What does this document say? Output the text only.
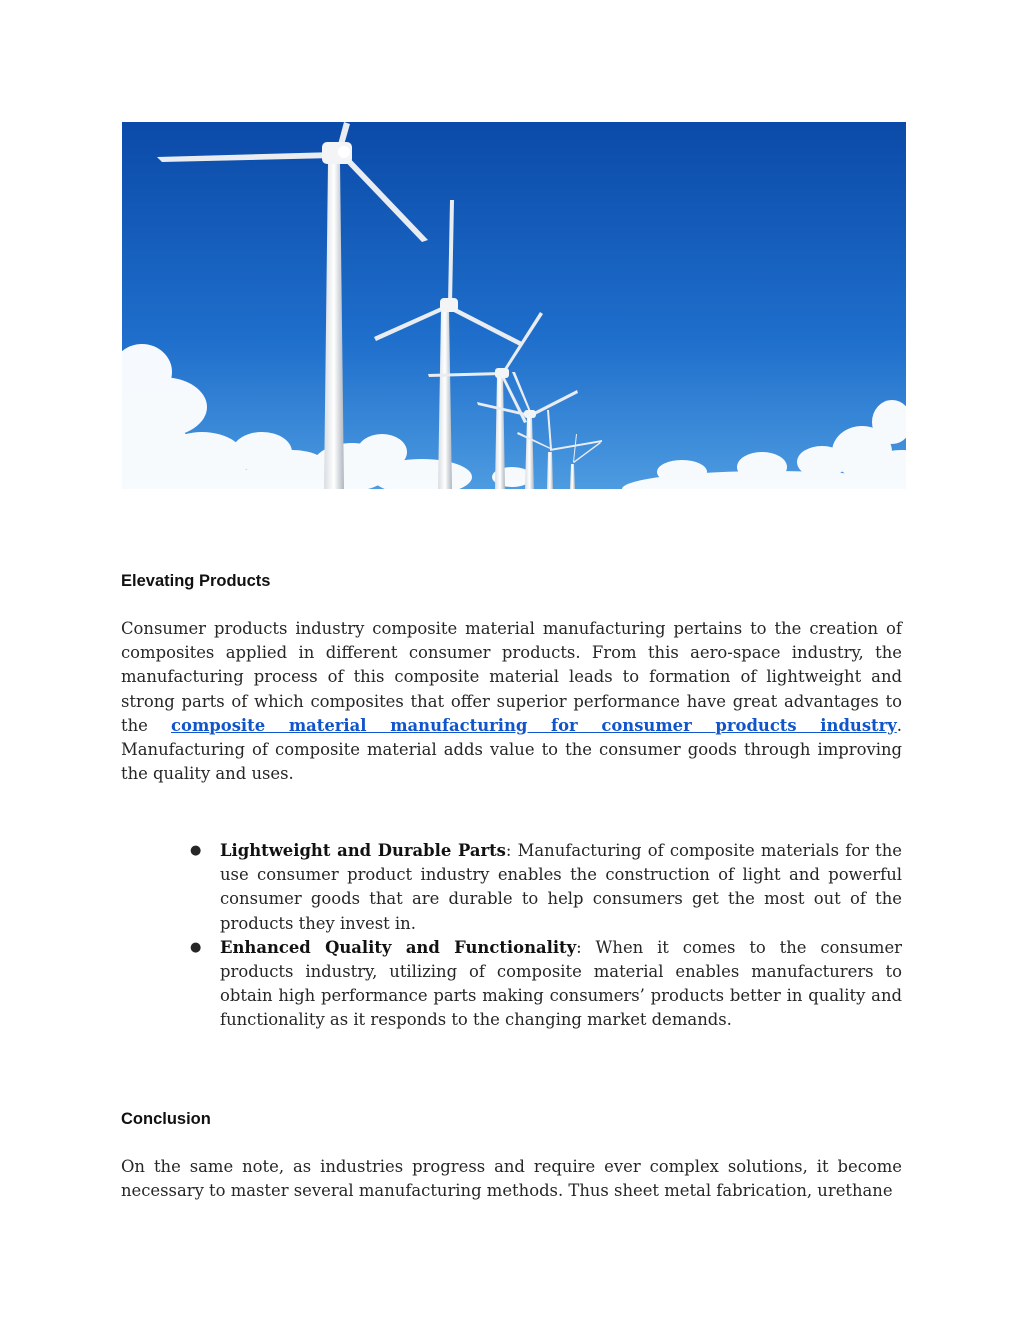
Elevating Products

Consumer products industry composite material manufacturing pertains to the creation of composites applied in different consumer products. From this aero-space industry, the manufacturing process of this composite material leads to formation of lightweight and strong parts of which composites that offer superior performance have great advantages to the composite material manufacturing for consumer products industry. Manufacturing of composite material adds value to the consumer goods through improving the quality and uses.

● Lightweight and Durable Parts: Manufacturing of composite materials for the use consumer product industry enables the construction of light and powerful consumer goods that are durable to help consumers get the most out of the products they invest in.
● Enhanced Quality and Functionality: When it comes to the consumer products industry, utilizing of composite material enables manufacturers to obtain high performance parts making consumers’ products better in quality and functionality as it responds to the changing market demands.
Conclusion

On the same note, as industries progress and require ever complex solutions, it become necessary to master several manufacturing methods. Thus sheet metal fabrication, urethane
